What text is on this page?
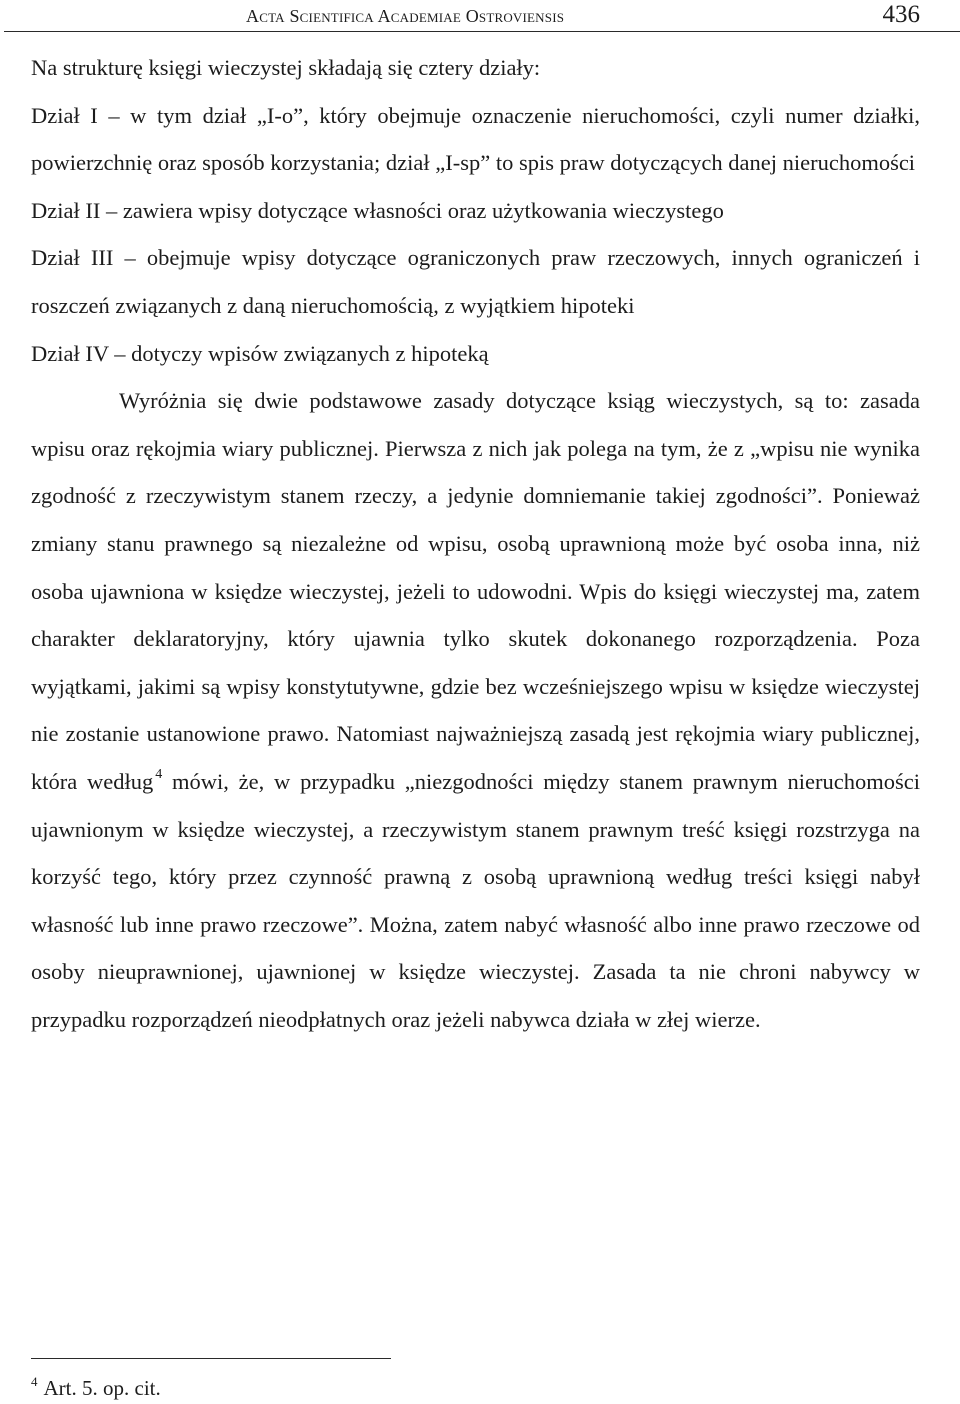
Acta Scientifica Academiae Ostroviensis	436

Na strukturę księgi wieczystej składają się cztery działy:

Dział I – w tym dział „I-o”, który obejmuje oznaczenie nieruchomości, czyli numer działki, powierzchnię oraz sposób korzystania; dział „I-sp” to spis praw dotyczących danej nieruchomości

Dział II – zawiera wpisy dotyczące własności oraz użytkowania wieczystego

Dział III – obejmuje wpisy dotyczące ograniczonych praw rzeczowych, innych ograniczeń i roszczeń związanych z daną nieruchomością, z wyjątkiem hipoteki

Dział IV – dotyczy wpisów związanych z hipoteką

Wyróżnia się dwie podstawowe zasady dotyczące ksiąg wieczystych, są to: zasada wpisu oraz rękojmia wiary publicznej. Pierwsza z nich jak polega na tym, że z „wpisu nie wynika zgodność z rzeczywistym stanem rzeczy, a jedynie domniemanie takiej zgodności”. Ponieważ zmiany stanu prawnego są niezależne od wpisu, osobą uprawnioną może być osoba inna, niż osoba ujawniona w księdze wieczystej, jeżeli to udowodni. Wpis do księgi wieczystej ma, zatem charakter deklaratoryjny, który ujawnia tylko skutek dokonanego rozporządzenia. Poza wyjątkami, jakimi są wpisy konstytutywne, gdzie bez wcześniejszego wpisu w księdze wieczystej nie zostanie ustanowione prawo. Natomiast najważniejszą zasadą jest rękojmia wiary publicznej, która według $^4$ mówi, że, w przypadku „niezgodności między stanem prawnym nieruchomości ujawnionym w księdze wieczystej, a rzeczywistym stanem prawnym treść księgi rozstrzyga na korzyść tego, który przez czynność prawną z osobą uprawnioną według treści księgi nabył własność lub inne prawo rzeczowe”. Można, zatem nabyć własność albo inne prawo rzeczowe od osoby nieuprawnionej, ujawnionej w księdze wieczystej. Zasada ta nie chroni nabywcy w przypadku rozporządzeń nieodpłatnych oraz jeżeli nabywca działa w złej wierze.

$^4$ Art. 5. op. cit.
